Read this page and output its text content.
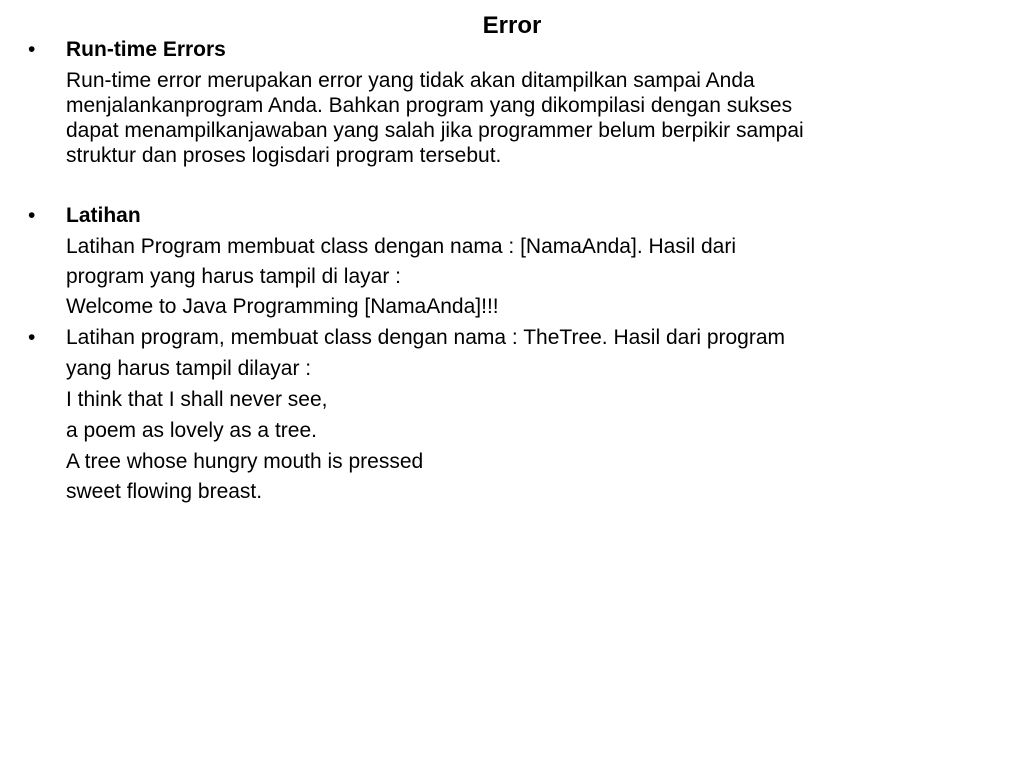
Error
• Run-time Errors
Run-time error merupakan error yang tidak akan ditampilkan sampai Anda
menjalankanprogram Anda. Bahkan program yang dikompilasi dengan sukses
dapat menampilkanjawaban yang salah jika programmer belum berpikir sampai
struktur dan proses logisdari program tersebut.
• Latihan
Latihan Program membuat class dengan nama : [NamaAnda]. Hasil dari
program yang harus tampil di layar :
Welcome to Java Programming [NamaAnda]!!!
• Latihan program, membuat class dengan nama : TheTree. Hasil dari program
yang harus tampil dilayar :
I think that I shall never see,
a poem as lovely as a tree.
A tree whose hungry mouth is pressed
sweet flowing breast.
